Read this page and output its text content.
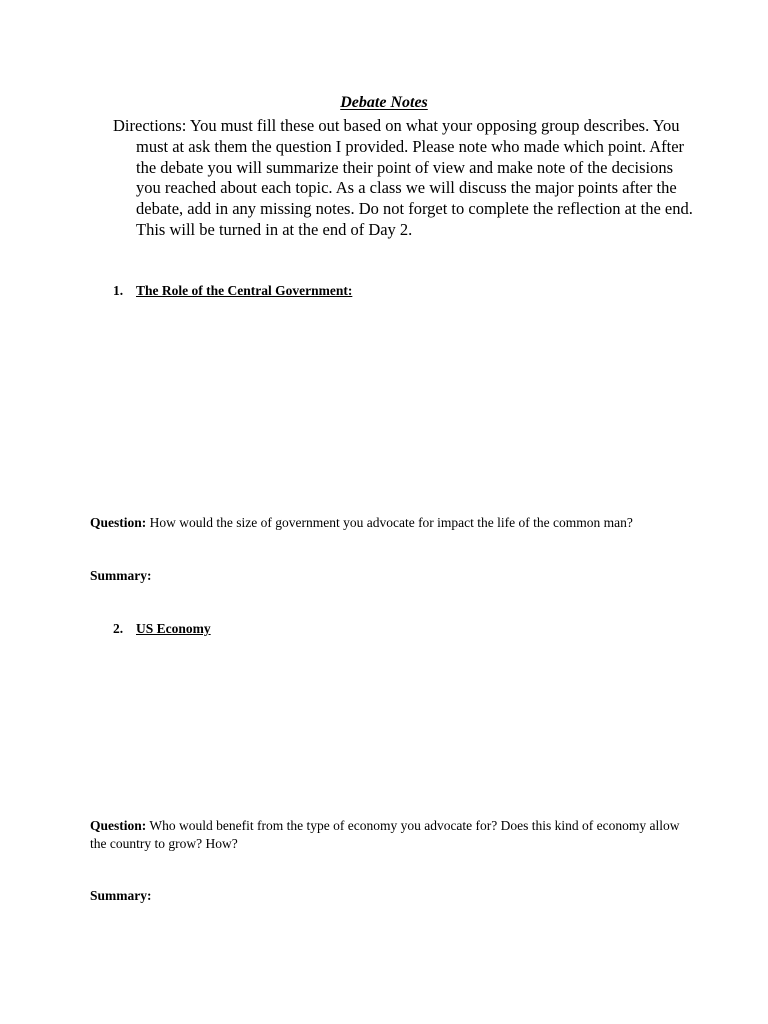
Debate Notes
Directions: You must fill these out based on what your opposing group describes. You must at ask them the question I provided. Please note who made which point. After the debate you will summarize their point of view and make note of the decisions you reached about each topic. As a class we will discuss the major points after the debate, add in any missing notes. Do not forget to complete the reflection at the end. This will be turned in at the end of Day 2.
1. The Role of the Central Government:
Question: How would the size of government you advocate for impact the life of the common man?
Summary:
2. US Economy
Question: Who would benefit from the type of economy you advocate for? Does this kind of economy allow the country to grow? How?
Summary:
